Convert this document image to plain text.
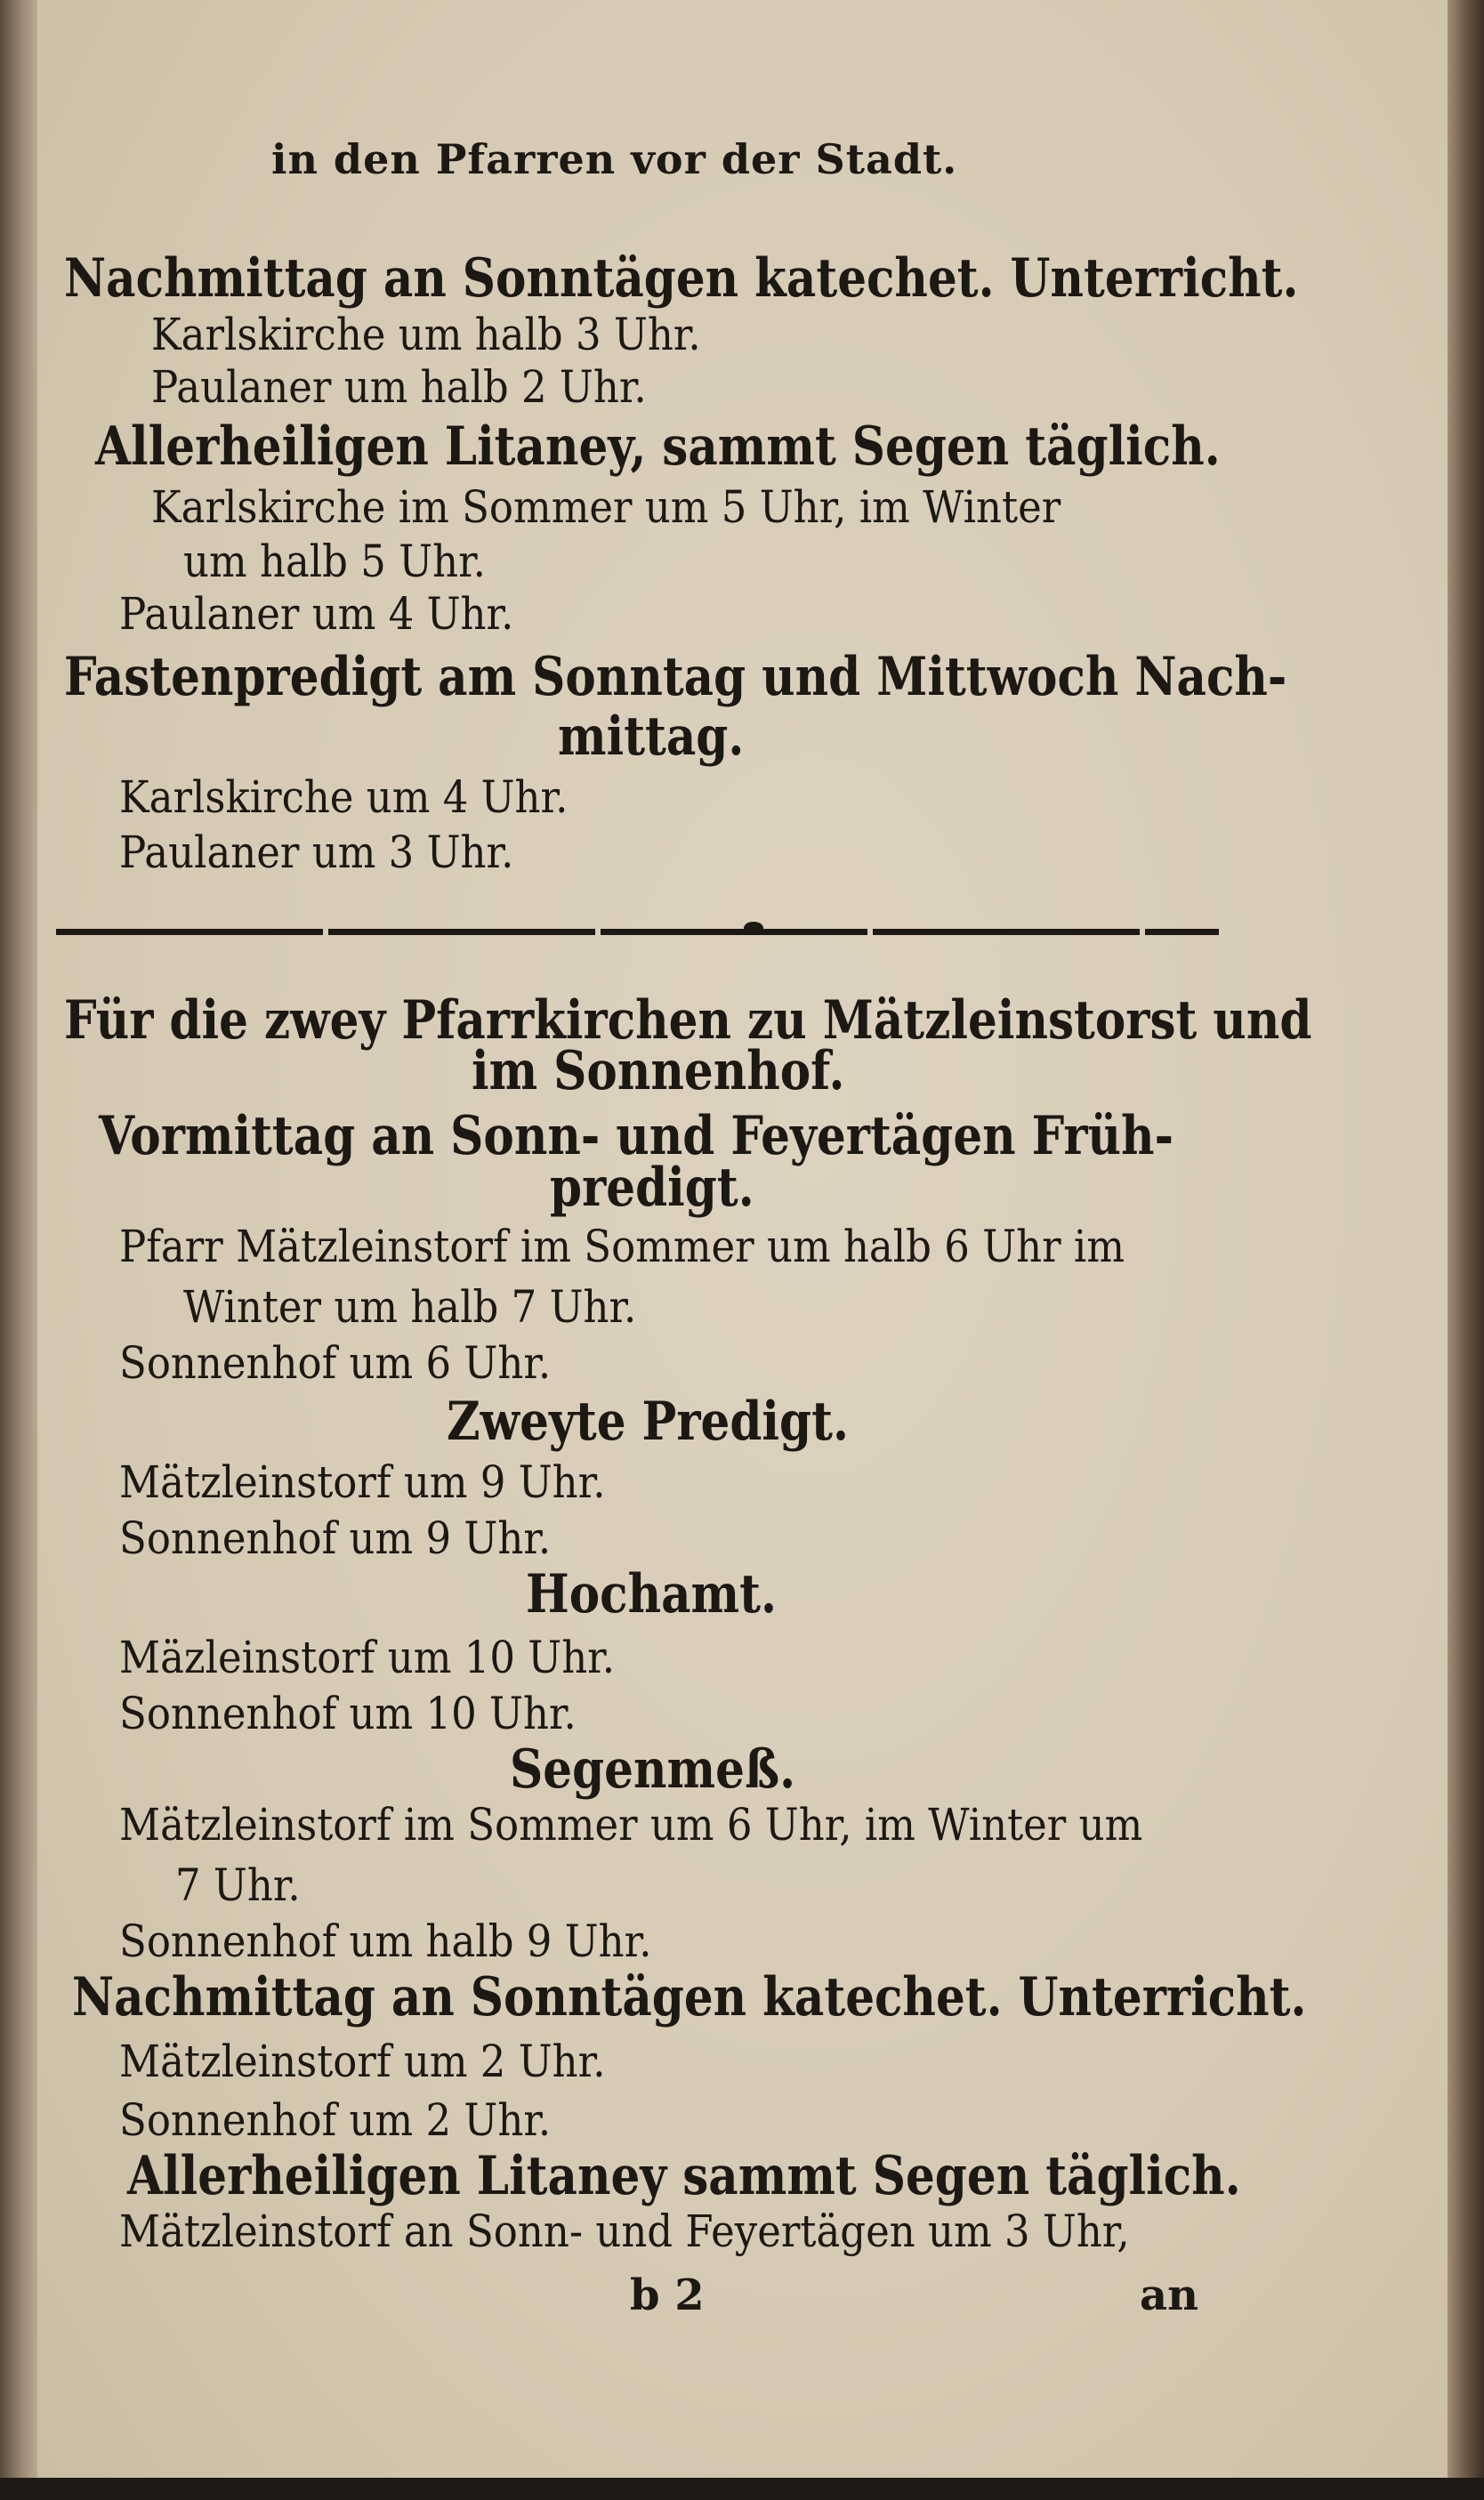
in den Pfarren vor der Stadt.
Nachmittag an Sonntägen katechet. Unterricht.
Karlskirche um halb 3 Uhr.
Paulaner um halb 2 Uhr.
Allerheiligen Litaney, sammt Segen täglich.
Karlskirche im Sommer um 5 Uhr, im Winter
um halb 5 Uhr.
Paulaner um 4 Uhr.
Fastenpredigt am Sonntag und Mittwoch Nach-
mittag.
Karlskirche um 4 Uhr.
Paulaner um 3 Uhr.
Für die zwey Pfarrkirchen zu Mätzleinstorst und
im Sonnenhof.
Vormittag an Sonn- und Feyertägen Früh-
predigt.
Pfarr Mätzleinstorf im Sommer um halb 6 Uhr im
Winter um halb 7 Uhr.
Sonnenhof um 6 Uhr.
Zweyte Predigt.
Mätzleinstorf um 9 Uhr.
Sonnenhof um 9 Uhr.
Hochamt.
Mäzleinstorf um 10 Uhr.
Sonnenhof um 10 Uhr.
Segenmeß.
Mätzleinstorf im Sommer um 6 Uhr, im Winter um
7 Uhr.
Sonnenhof um halb 9 Uhr.
Nachmittag an Sonntägen katechet. Unterricht.
Mätzleinstorf um 2 Uhr.
Sonnenhof um 2 Uhr.
Allerheiligen Litaney sammt Segen täglich.
Mätzleinstorf an Sonn- und Feyertägen um 3 Uhr,
b 2	an
